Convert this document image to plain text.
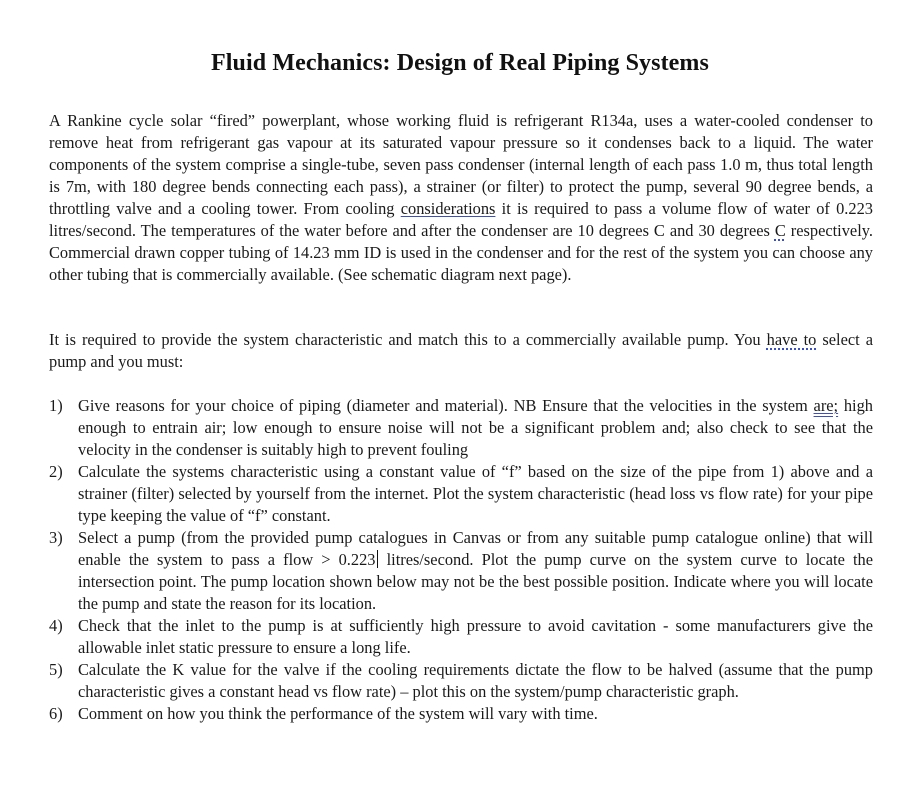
Fluid Mechanics: Design of Real Piping Systems

A Rankine cycle solar “fired” powerplant, whose working fluid is refrigerant R134a, uses a water-cooled condenser to remove heat from refrigerant gas vapour at its saturated vapour pressure so it condenses back to a liquid. The water components of the system comprise a single-tube, seven pass condenser (internal length of each pass 1.0 m, thus total length is 7m, with 180 degree bends connecting each pass), a strainer (or filter) to protect the pump, several 90 degree bends, a throttling valve and a cooling tower. From cooling considerations it is required to pass a volume flow of water of 0.223 litres/second. The temperatures of the water before and after the condenser are 10 degrees C and 30 degrees C respectively. Commercial drawn copper tubing of 14.23 mm ID is used in the condenser and for the rest of the system you can choose any other tubing that is commercially available. (See schematic diagram next page).

It is required to provide the system characteristic and match this to a commercially available pump. You have to select a pump and you must:

1) Give reasons for your choice of piping (diameter and material). NB Ensure that the velocities in the system are; high enough to entrain air; low enough to ensure noise will not be a significant problem and; also check to see that the velocity in the condenser is suitably high to prevent fouling
2) Calculate the systems characteristic using a constant value of “f” based on the size of the pipe from 1) above and a strainer (filter) selected by yourself from the internet. Plot the system characteristic (head loss vs flow rate) for your pipe type keeping the value of “f” constant.
3) Select a pump (from the provided pump catalogues in Canvas or from any suitable pump catalogue online) that will enable the system to pass a flow > 0.223 litres/second. Plot the pump curve on the system curve to locate the intersection point. The pump location shown below may not be the best possible position. Indicate where you will locate the pump and state the reason for its location.
4) Check that the inlet to the pump is at sufficiently high pressure to avoid cavitation - some manufacturers give the allowable inlet static pressure to ensure a long life.
5) Calculate the K value for the valve if the cooling requirements dictate the flow to be halved (assume that the pump characteristic gives a constant head vs flow rate) – plot this on the system/pump characteristic graph.
6) Comment on how you think the performance of the system will vary with time.
